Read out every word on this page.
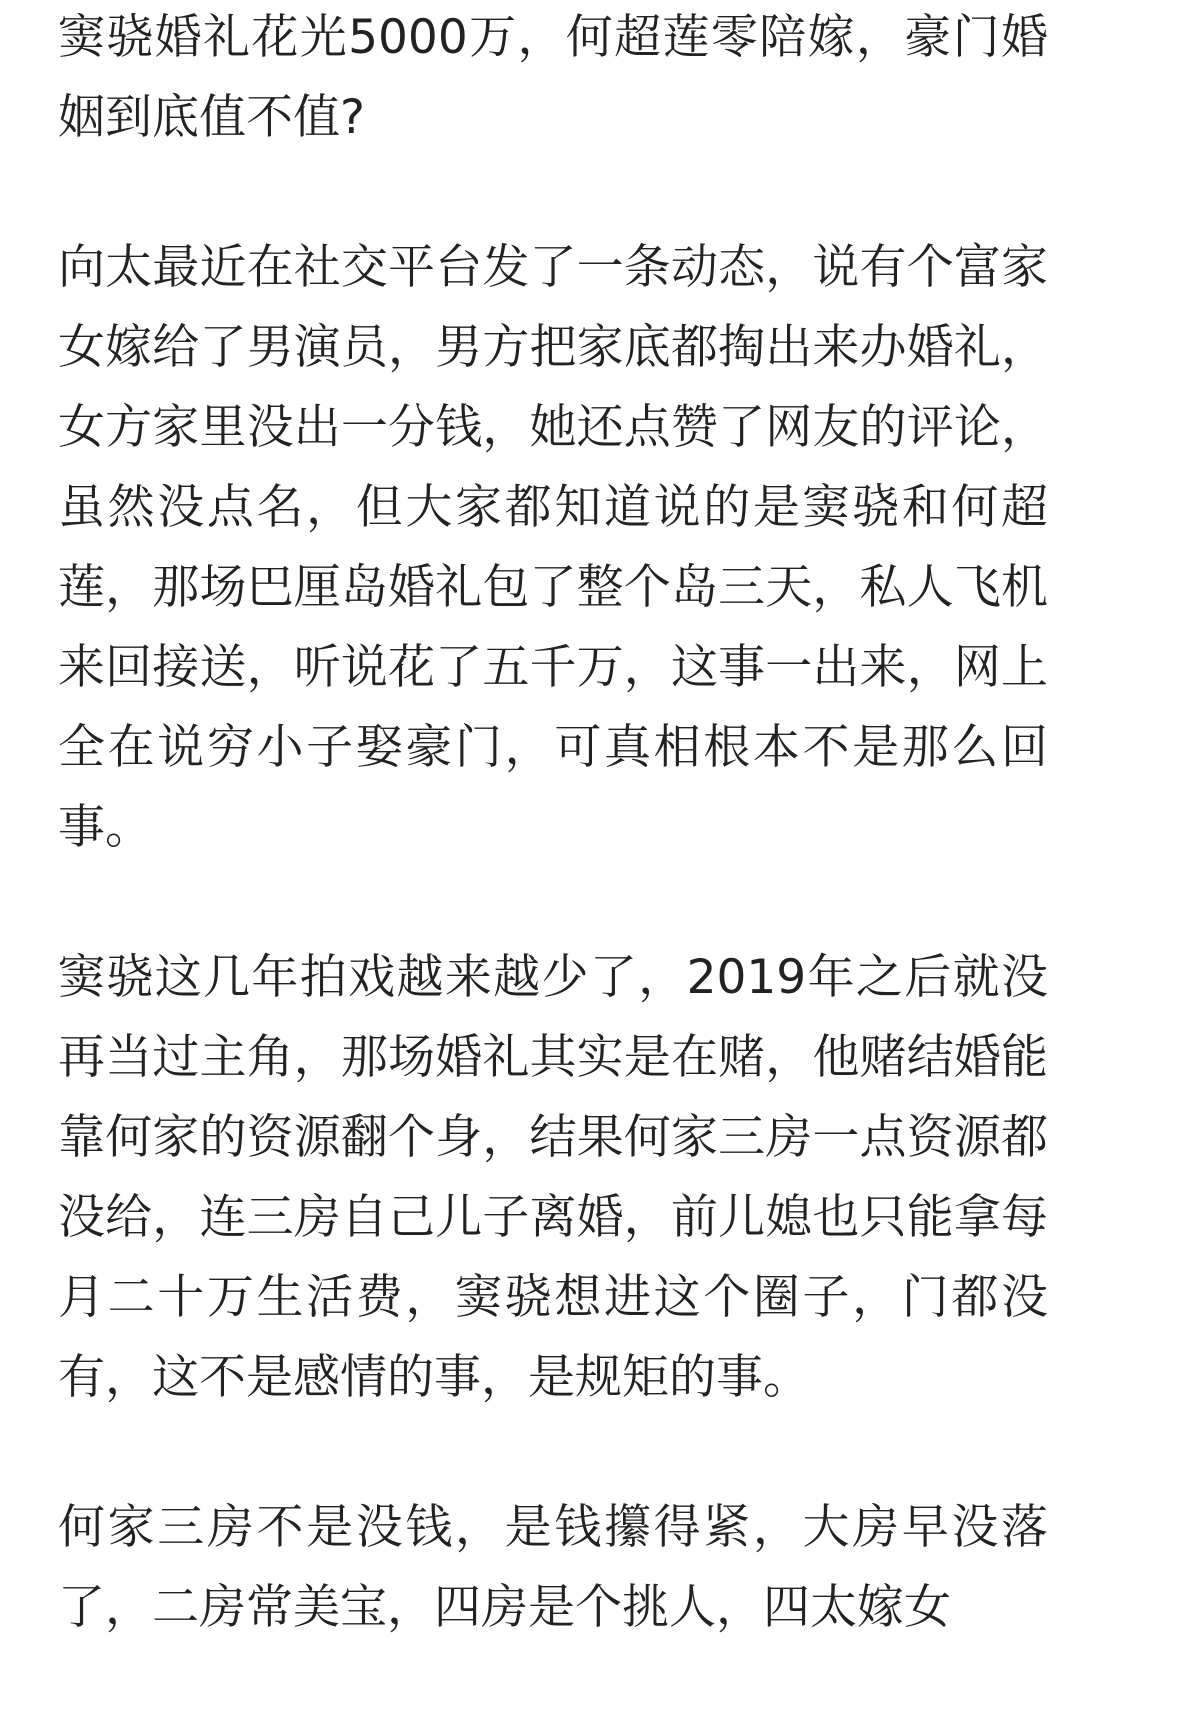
窦骁婚礼花光5000万，何超莲零陪嫁，豪门婚姻到底值不值?

向太最近在社交平台发了一条动态，说有个富家女嫁给了男演员，男方把家底都掏出来办婚礼，女方家里没出一分钱，她还点赞了网友的评论，虽然没点名，但大家都知道说的是窦骁和何超莲，那场巴厘岛婚礼包了整个岛三天，私人飞机来回接送，听说花了五千万，这事一出来，网上全在说穷小子娶豪门，可真相根本不是那么回事。

窦骁这几年拍戏越来越少了，2019年之后就没再当过主角，那场婚礼其实是在赌，他赌结婚能靠何家的资源翻个身，结果何家三房一点资源都没给，连三房自己儿子离婚，前儿媳也只能拿每月二十万生活费，窦骁想进这个圈子，门都没有，这不是感情的事，是规矩的事。

何家三房不是没钱，是钱攥得紧，大房早没落了，二房常美宝，四房是个挑人，四太嫁女
